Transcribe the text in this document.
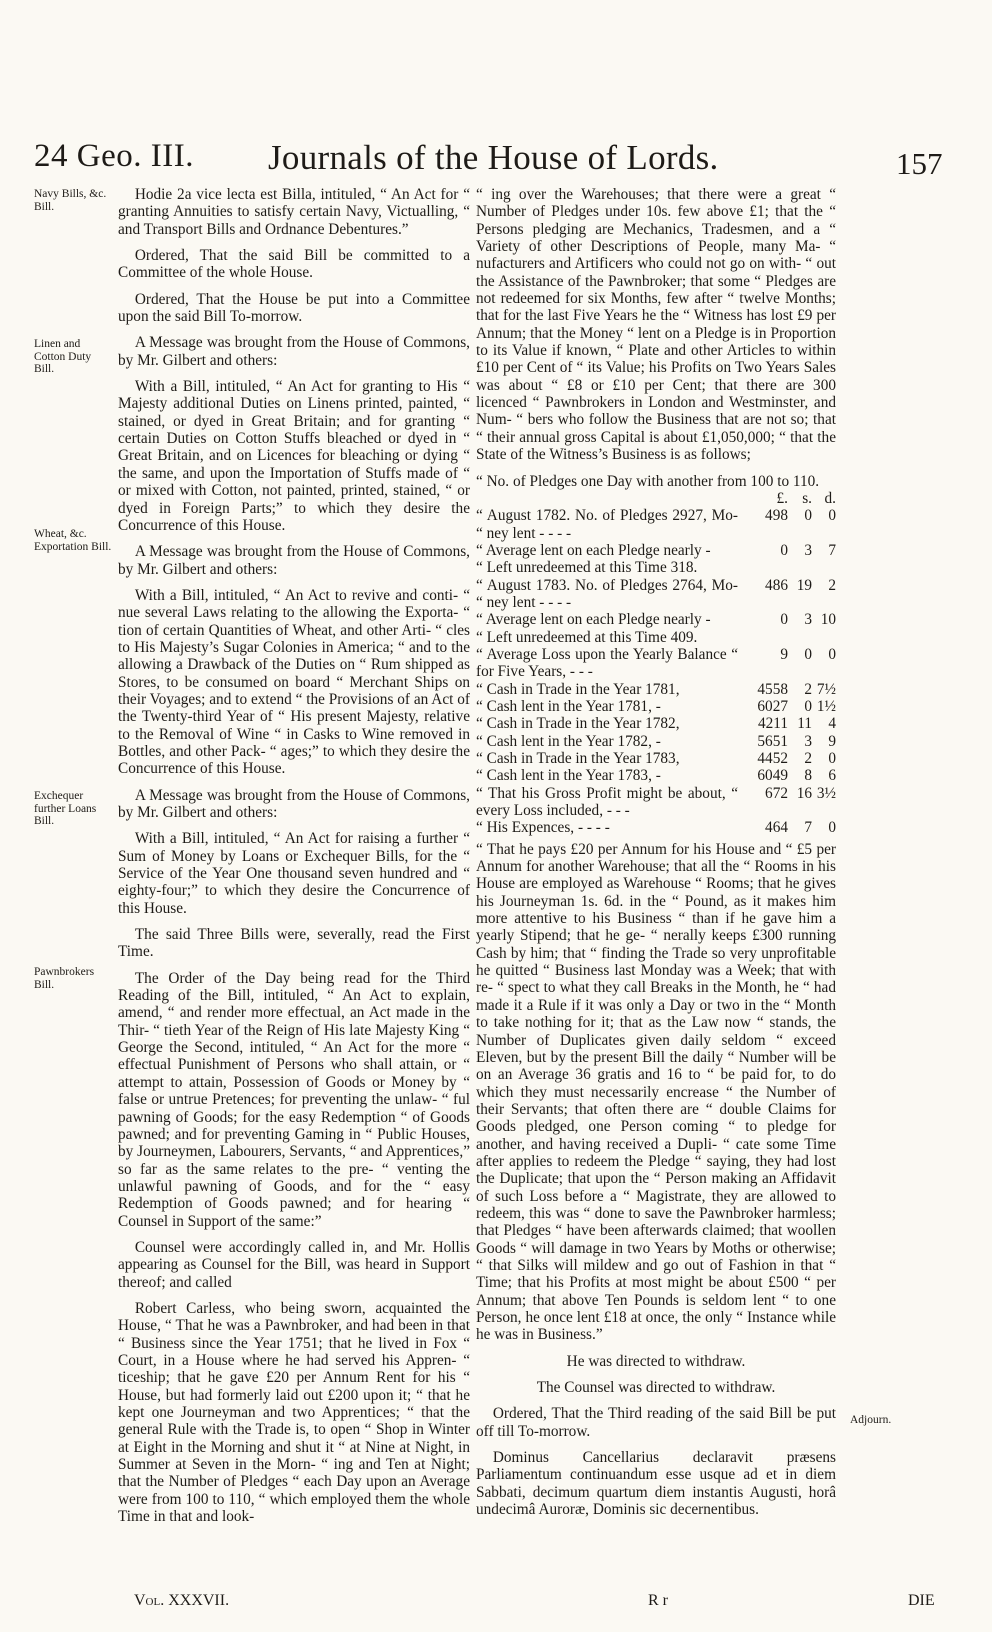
24 Geo. III. Journals of the House of Lords.	157
Navy Bills, &c. Bill.
Linen and Cotton Duty Bill.
Wheat, &c. Exportation Bill.
Exchequer further Loans Bill.
Pawnbrokers Bill.
Adjourn.

Hodie 2a vice lecta est Billa, intituled, “ An Act for “ granting Annuities to satisfy certain Navy, Victualling, “ and Transport Bills and Ordnance Debentures.”

Ordered, That the said Bill be committed to a Committee of the whole House.

Ordered, That the House be put into a Committee upon the said Bill To-morrow.

A Message was brought from the House of Commons, by Mr. Gilbert and others:

With a Bill, intituled, “ An Act for granting to His “ Majesty additional Duties on Linens printed, painted, “ stained, or dyed in Great Britain; and for granting “ certain Duties on Cotton Stuffs bleached or dyed in “ Great Britain, and on Licences for bleaching or dying “ the same, and upon the Importation of Stuffs made of “ or mixed with Cotton, not painted, printed, stained, “ or dyed in Foreign Parts;” to which they desire the Concurrence of this House.

A Message was brought from the House of Commons, by Mr. Gilbert and others:

With a Bill, intituled, “ An Act to revive and conti- “ nue several Laws relating to the allowing the Exporta- “ tion of certain Quantities of Wheat, and other Arti- “ cles to His Majesty’s Sugar Colonies in America; “ and to the allowing a Drawback of the Duties on “ Rum shipped as Stores, to be consumed on board “ Merchant Ships on their Voyages; and to extend “ the Provisions of an Act of the Twenty-third Year of “ His present Majesty, relative to the Removal of Wine “ in Casks to Wine removed in Bottles, and other Pack- “ ages;” to which they desire the Concurrence of this House.

A Message was brought from the House of Commons, by Mr. Gilbert and others:

With a Bill, intituled, “ An Act for raising a further “ Sum of Money by Loans or Exchequer Bills, for the “ Service of the Year One thousand seven hundred and “ eighty-four;” to which they desire the Concurrence of this House.

The said Three Bills were, severally, read the First Time.

The Order of the Day being read for the Third Reading of the Bill, intituled, “ An Act to explain, amend, “ and render more effectual, an Act made in the Thir- “ tieth Year of the Reign of His late Majesty King “ George the Second, intituled, “ An Act for the more “ effectual Punishment of Persons who shall attain, or “ attempt to attain, Possession of Goods or Money by “ false or untrue Pretences; for preventing the unlaw- “ ful pawning of Goods; for the easy Redemption “ of Goods pawned; and for preventing Gaming in “ Public Houses, by Journeymen, Labourers, Servants, “ and Apprentices,” so far as the same relates to the pre- “ venting the unlawful pawning of Goods, and for the “ easy Redemption of Goods pawned; and for hearing “ Counsel in Support of the same:”

Counsel were accordingly called in, and Mr. Hollis appearing as Counsel for the Bill, was heard in Support thereof; and called

Robert Carless, who being sworn, acquainted the House, “ That he was a Pawnbroker, and had been in that “ Business since the Year 1751; that he lived in Fox “ Court, in a House where he had served his Appren- “ ticeship; that he gave £20 per Annum Rent for his “ House, but had formerly laid out £200 upon it; “ that he kept one Journeyman and two Apprentices; “ that the general Rule with the Trade is, to open “ Shop in Winter at Eight in the Morning and shut it “ at Nine at Night, in Summer at Seven in the Morn- “ ing and Ten at Night; that the Number of Pledges “ each Day upon an Average were from 100 to 110, “ which employed them the whole Time in that and look-

“ ing over the Warehouses; that there were a great “ Number of Pledges under 10s. few above £1; that the “ Persons pledging are Mechanics, Tradesmen, and a “ Variety of other Descriptions of People, many Ma- “ nufacturers and Artificers who could not go on with- “ out the Assistance of the Pawnbroker; that some “ Pledges are not redeemed for six Months, few after “ twelve Months; that for the last Five Years he the “ Witness has lost £9 per Annum; that the Money “ lent on a Pledge is in Proportion to its Value if known, “ Plate and other Articles to within £10 per Cent of “ its Value; his Profits on Two Years Sales was about “ £8 or £10 per Cent; that there are 300 licenced “ Pawnbrokers in London and Westminster, and Num- “ bers who follow the Business that are not so; that “ their annual gross Capital is about £1,050,000; “ that the State of the Witness’s Business is as follows;

“ No. of Pledges one Day with another from 100 to 110.

	£.	s.	d.
“ August 1782. No. of Pledges 2927, Mo- “ ney lent - - - -	498	0	0
“ Average lent on each Pledge nearly -	0	3	7
“ Left unredeemed at this Time 318.			
“ August 1783. No. of Pledges 2764, Mo- “ ney lent - - - -	486	19	2
“ Average lent on each Pledge nearly -	0	3	10
“ Left unredeemed at this Time 409.			
“ Average Loss upon the Yearly Balance “ for Five Years, - - -	9	0	0
“ Cash in Trade in the Year 1781,	4558	2	7½
“ Cash lent in the Year 1781, -	6027	0	1½
“ Cash in Trade in the Year 1782,	4211	11	4
“ Cash lent in the Year 1782, -	5651	3	9
“ Cash in Trade in the Year 1783,	4452	2	0
“ Cash lent in the Year 1783, -	6049	8	6
“ That his Gross Profit might be about, “ every Loss included, - - -	672	16	3½
“ His Expences, - - - -	464	7	0

“ That he pays £20 per Annum for his House and “ £5 per Annum for another Warehouse; that all the “ Rooms in his House are employed as Warehouse “ Rooms; that he gives his Journeyman 1s. 6d. in the “ Pound, as it makes him more attentive to his Business “ than if he gave him a yearly Stipend; that he ge- “ nerally keeps £300 running Cash by him; that “ finding the Trade so very unprofitable he quitted “ Business last Monday was a Week; that with re- “ spect to what they call Breaks in the Month, he “ had made it a Rule if it was only a Day or two in the “ Month to take nothing for it; that as the Law now “ stands, the Number of Duplicates given daily seldom “ exceed Eleven, but by the present Bill the daily “ Number will be on an Average 36 gratis and 16 to “ be paid for, to do which they must necessarily encrease “ the Number of their Servants; that often there are “ double Claims for Goods pledged, one Person coming “ to pledge for another, and having received a Dupli- “ cate some Time after applies to redeem the Pledge “ saying, they had lost the Duplicate; that upon the “ Person making an Affidavit of such Loss before a “ Magistrate, they are allowed to redeem, this was “ done to save the Pawnbroker harmless; that Pledges “ have been afterwards claimed; that woollen Goods “ will damage in two Years by Moths or otherwise; “ that Silks will mildew and go out of Fashion in that “ Time; that his Profits at most might be about £500 “ per Annum; that above Ten Pounds is seldom lent “ to one Person, he once lent £18 at once, the only “ Instance while he was in Business.”

He was directed to withdraw.

The Counsel was directed to withdraw.

Ordered, That the Third reading of the said Bill be put off till To-morrow.

Dominus Cancellarius declaravit præsens Parliamentum continuandum esse usque ad et in diem Sabbati, decimum quartum diem instantis Augusti, horâ undecimâ Auroræ, Dominis sic decernentibus.

Vol. XXXVII.	R r	DIE
